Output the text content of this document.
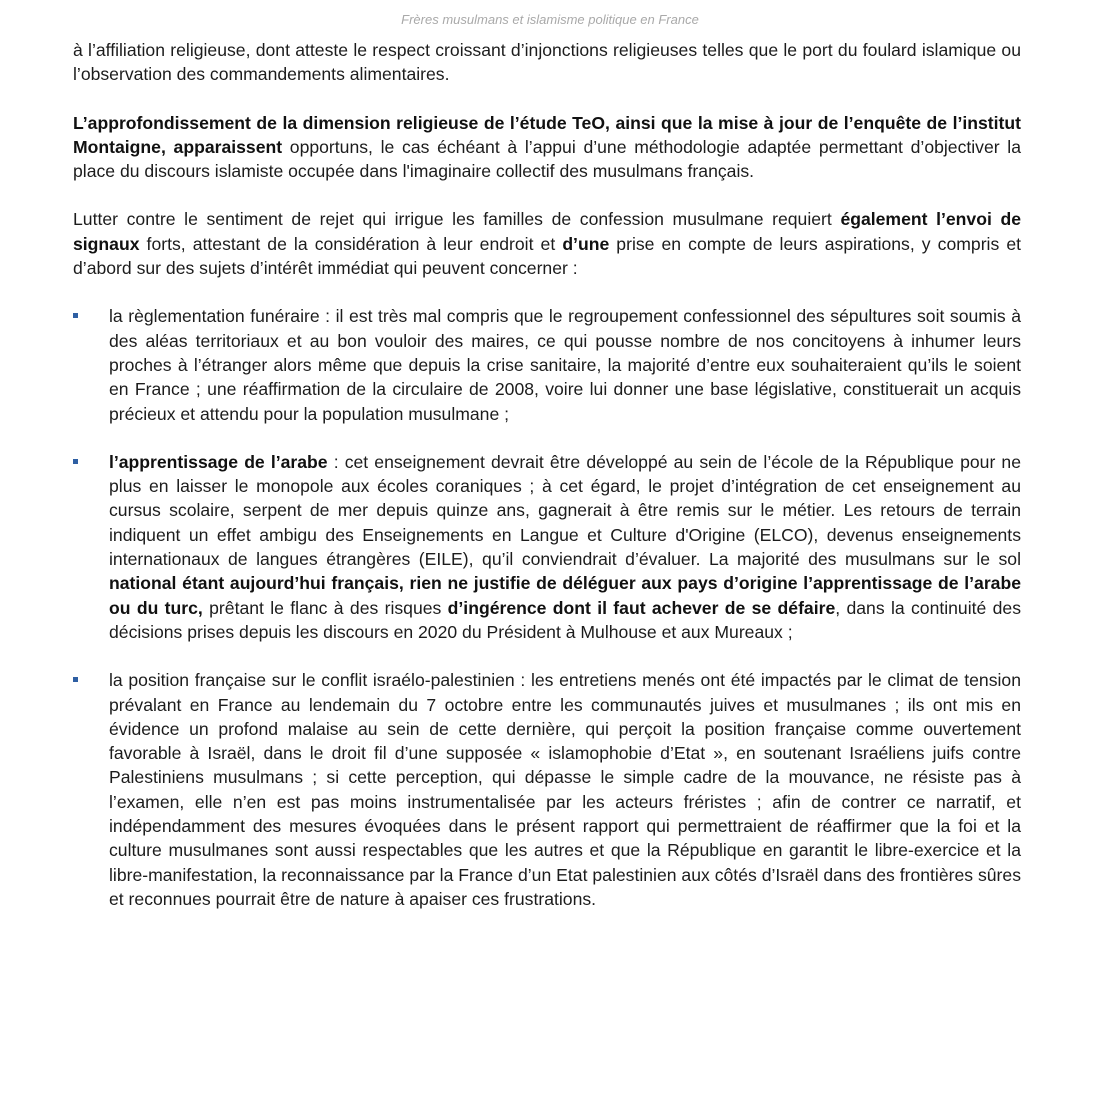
Frères musulmans et islamisme politique en France

à l’affiliation religieuse, dont atteste le respect croissant d’injonctions religieuses telles que le port du foulard islamique ou l’observation des commandements alimentaires.

L’approfondissement de la dimension religieuse de l’étude TeO, ainsi que la mise à jour de l’enquête de l’institut Montaigne, apparaissent opportuns, le cas échéant à l’appui d’une méthodologie adaptée permettant d’objectiver la place du discours islamiste occupée dans l'imaginaire collectif des musulmans français.

Lutter contre le sentiment de rejet qui irrigue les familles de confession musulmane requiert également l’envoi de signaux forts, attestant de la considération à leur endroit et d’une prise en compte de leurs aspirations, y compris et d’abord sur des sujets d’intérêt immédiat qui peuvent concerner :

la règlementation funéraire : il est très mal compris que le regroupement confessionnel des sépultures soit soumis à des aléas territoriaux et au bon vouloir des maires, ce qui pousse nombre de nos concitoyens à inhumer leurs proches à l’étranger alors même que depuis la crise sanitaire, la majorité d’entre eux souhaiteraient qu’ils le soient en France ; une réaffirmation de la circulaire de 2008, voire lui donner une base législative, constituerait un acquis précieux et attendu pour la population musulmane ;
l’apprentissage de l’arabe : cet enseignement devrait être développé au sein de l’école de la République pour ne plus en laisser le monopole aux écoles coraniques ; à cet égard, le projet d’intégration de cet enseignement au cursus scolaire, serpent de mer depuis quinze ans, gagnerait à être remis sur le métier. Les retours de terrain indiquent un effet ambigu des Enseignements en Langue et Culture d'Origine (ELCO), devenus enseignements internationaux de langues étrangères (EILE), qu’il conviendrait d’évaluer. La majorité des musulmans sur le sol national étant aujourd’hui français, rien ne justifie de déléguer aux pays d’origine l’apprentissage de l’arabe ou du turc, prêtant le flanc à des risques d’ingérence dont il faut achever de se défaire, dans la continuité des décisions prises depuis les discours en 2020 du Président à Mulhouse et aux Mureaux ;
la position française sur le conflit israélo-palestinien : les entretiens menés ont été impactés par le climat de tension prévalant en France au lendemain du 7 octobre entre les communautés juives et musulmanes ; ils ont mis en évidence un profond malaise au sein de cette dernière, qui perçoit la position française comme ouvertement favorable à Israël, dans le droit fil d’une supposée « islamophobie d’Etat », en soutenant Israéliens juifs contre Palestiniens musulmans ; si cette perception, qui dépasse le simple cadre de la mouvance, ne résiste pas à l’examen, elle n’en est pas moins instrumentalisée par les acteurs fréristes ; afin de contrer ce narratif, et indépendamment des mesures évoquées dans le présent rapport qui permettraient de réaffirmer que la foi et la culture musulmanes sont aussi respectables que les autres et que la République en garantit le libre-exercice et la libre-manifestation, la reconnaissance par la France d’un Etat palestinien aux côtés d’Israël dans des frontières sûres et reconnues pourrait être de nature à apaiser ces frustrations.
